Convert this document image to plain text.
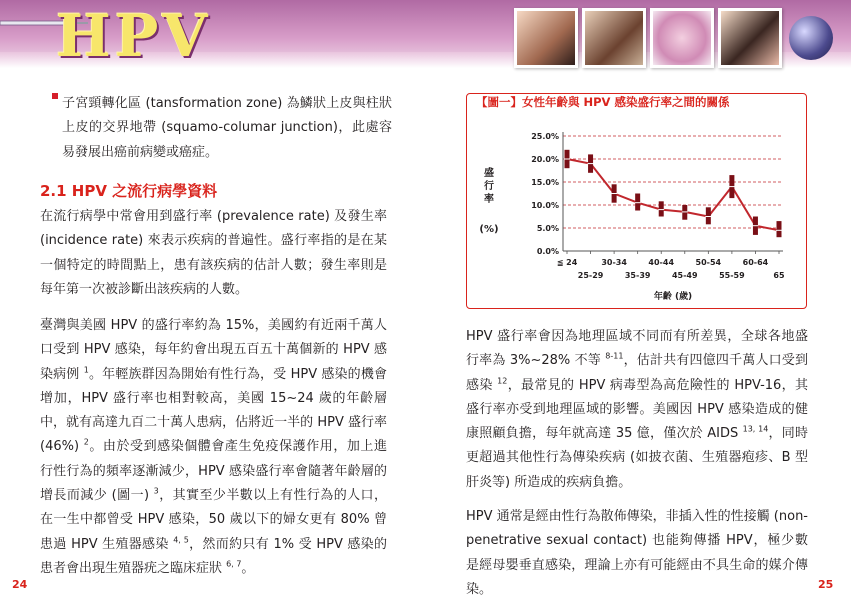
HPV
子宮頸轉化區 (tansformation zone) 為鱗狀上皮與柱狀上皮的交界地帶 (squamo-columar junction)，此處容易發展出癌前病變或癌症。
2.1 HPV 之流行病學資料
在流行病學中常會用到盛行率 (prevalence rate) 及發生率 (incidence rate) 來表示疾病的普遍性。盛行率指的是在某一個特定的時間點上，患有該疾病的估計人數；發生率則是每年第一次被診斷出該疾病的人數。
臺灣與美國 HPV 的盛行率約為 15%，美國約有近兩千萬人口受到 HPV 感染，每年約會出現五百五十萬個新的 HPV 感染病例 $^1$。年輕族群因為開始有性行為，受 HPV 感染的機會增加，HPV 盛行率也相對較高，美國 15~24 歲的年齡層中，就有高達九百二十萬人患病，佔將近一半的 HPV 盛行率 (46%) $^2$。由於受到感染個體會產生免疫保護作用，加上進行性行為的頻率逐漸減少，HPV 感染盛行率會隨著年齡層的增長而減少 (圖一) $^3$，其實至少半數以上有性行為的人口，在一生中都曾受 HPV 感染，50 歲以下的婦女更有 80% 曾患過 HPV 生殖器感染 $^{4, 5}$，然而約只有 1% 受 HPV 感染的患者會出現生殖器疣之臨床症狀 $^{6, 7}$。
24
0.0%
5.0%
10.0%
15.0%
20.0%
25.0%
≦ 24
25-29
30-34
35-39
40-44
45-49
50-54
55-59
60-64
65
盛
行
率
(%)
年齡 (歲)
【圖一】女性年齡與 HPV 感染盛行率之間的關係
HPV 盛行率會因為地理區域不同而有所差異，全球各地盛行率為 3%~28% 不等 $^{8-11}$，估計共有四億四千萬人口受到感染 $^{12}$，最常見的 HPV 病毒型為高危險性的 HPV-16，其盛行率亦受到地理區域的影響。美國因 HPV 感染造成的健康照顧負擔，每年就高達 35 億，僅次於 AIDS $^{13, 14}$，同時更超過其他性行為傳染疾病 (如披衣菌、生殖器疱疹、B 型肝炎等) 所造成的疾病負擔。
HPV 通常是經由性行為散佈傳染，非插入性的性接觸 (non-penetrative sexual contact) 也能夠傳播 HPV，極少數是經母嬰垂直感染，理論上亦有可能經由不具生命的媒介傳染。	25
